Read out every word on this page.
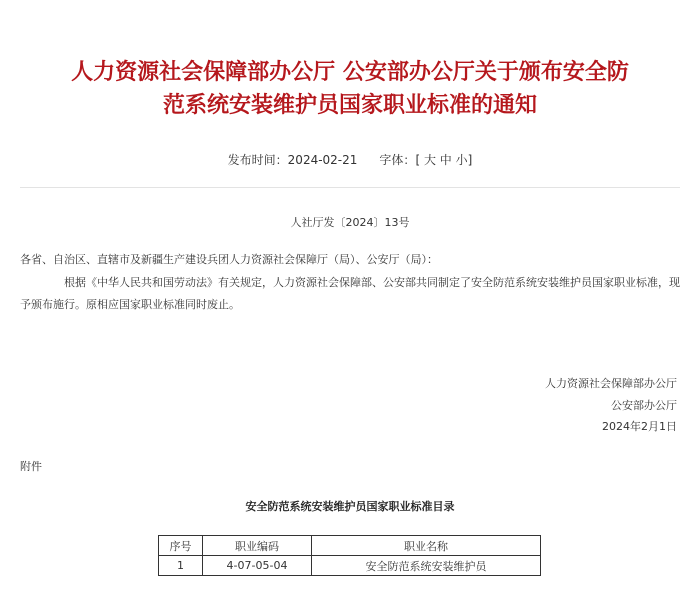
人力资源社会保障部办公厅 公安部办公厅关于颁布安全防
范系统安装维护员国家职业标准的通知
发布时间：2024-02-21 字体：[ 大 中 小]
人社厅发〔2024〕13号
各省、自治区、直辖市及新疆生产建设兵团人力资源社会保障厅（局）、公安厅（局）：

根据《中华人民共和国劳动法》有关规定，人力资源社会保障部、公安部共同制定了安全防范系统安装维护员国家职业标准，现予颁布施行。原相应国家职业标准同时废止。

人力资源社会保障部办公厅
公安部办公厅
2024年2月1日
附件
安全防范系统安装维护员国家职业标准目录
序号	职业编码	职业名称
1	4-07-05-04	安全防范系统安装维护员
